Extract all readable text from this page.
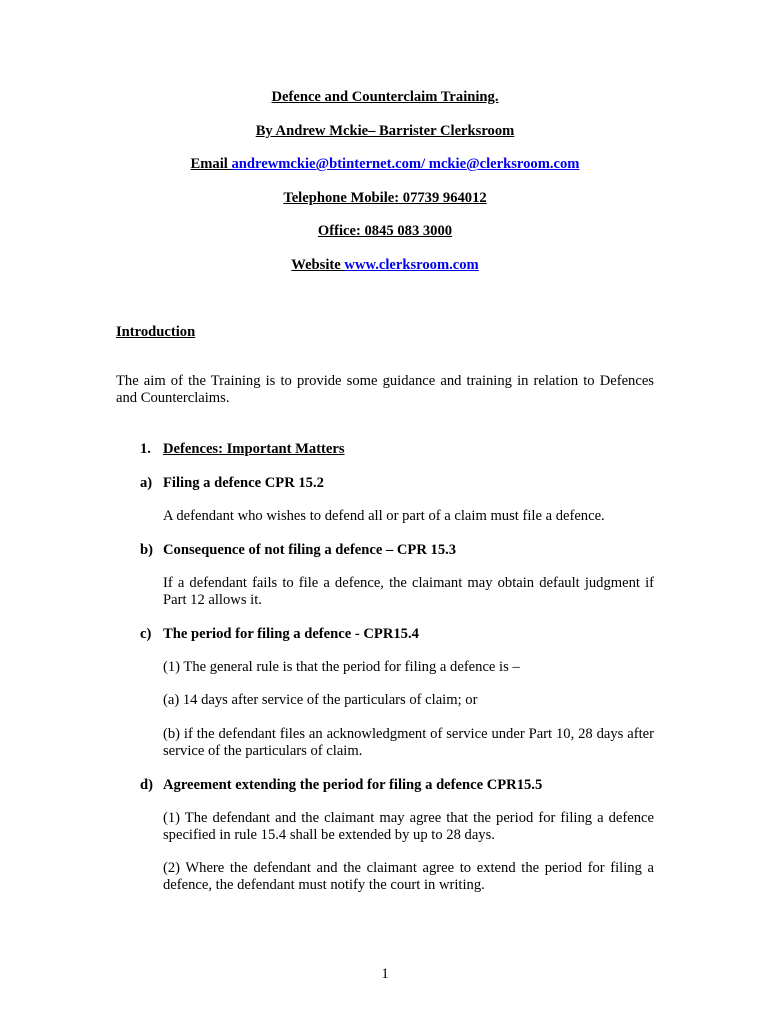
Defence and Counterclaim Training.
By Andrew Mckie– Barrister Clerksroom
Email andrewmckie@btinternet.com/ mckie@clerksroom.com
Telephone Mobile: 07739 964012
Office: 0845 083 3000
Website www.clerksroom.com
Introduction
The aim of the Training is to provide some guidance and training in relation to Defences and Counterclaims.
1. Defences: Important Matters
a) Filing a defence CPR 15.2
A defendant who wishes to defend all or part of a claim must file a defence.
b) Consequence of not filing a defence – CPR 15.3
If a defendant fails to file a defence, the claimant may obtain default judgment if Part 12 allows it.
c) The period for filing a defence - CPR15.4
(1) The general rule is that the period for filing a defence is –
(a) 14 days after service of the particulars of claim; or
(b) if the defendant files an acknowledgment of service under Part 10, 28 days after service of the particulars of claim.
d) Agreement extending the period for filing a defence CPR15.5
(1) The defendant and the claimant may agree that the period for filing a defence specified in rule 15.4 shall be extended by up to 28 days.
(2) Where the defendant and the claimant agree to extend the period for filing a defence, the defendant must notify the court in writing.
1
